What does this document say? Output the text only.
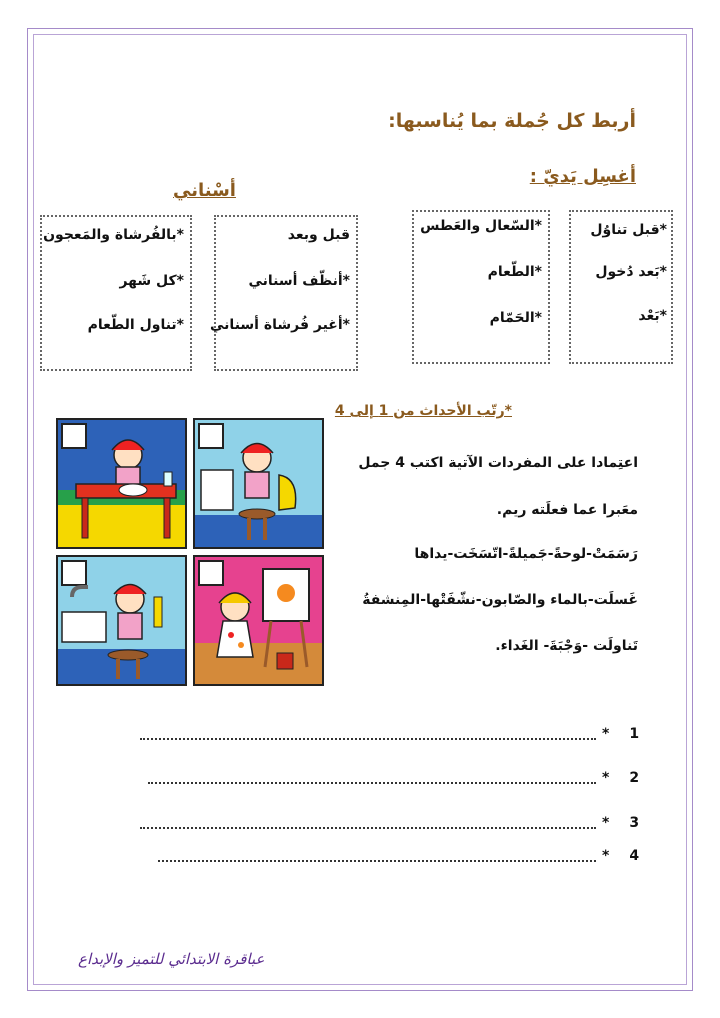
أربط كل جُملة بما يُناسبها:
أغسِل يَديّ :
*قبل تناوُل
*بَعد دُخول
*بَعْد
*السّعال والعَطس
*الطّعام
*الحَمّام
أسْناني
قبل وبعد
*أنظّف أسناني
*أغير فُرشاة أسناني
*بالفُرشاة والمَعجون
*كل شَهر
*تناول الطّعام
*رتّب الأحداث من 1 إلى 4
اعتِمادا على المفردات الآتية اكتب 4 جمل
معَبرا عما فعلَته ريم.
رَسَمَتْ-لوحةً-جَميلةً-اتّسَخَت-يداها
غَسلَت-بالماء والصّابون-نشّفَتْها-المِنشفةُ
تَناولَت -وَجْبَةَ- الغَداء.
* 1
* 2
* 3
* 4
عباقرة الابتدائي للتميز والإبداع
